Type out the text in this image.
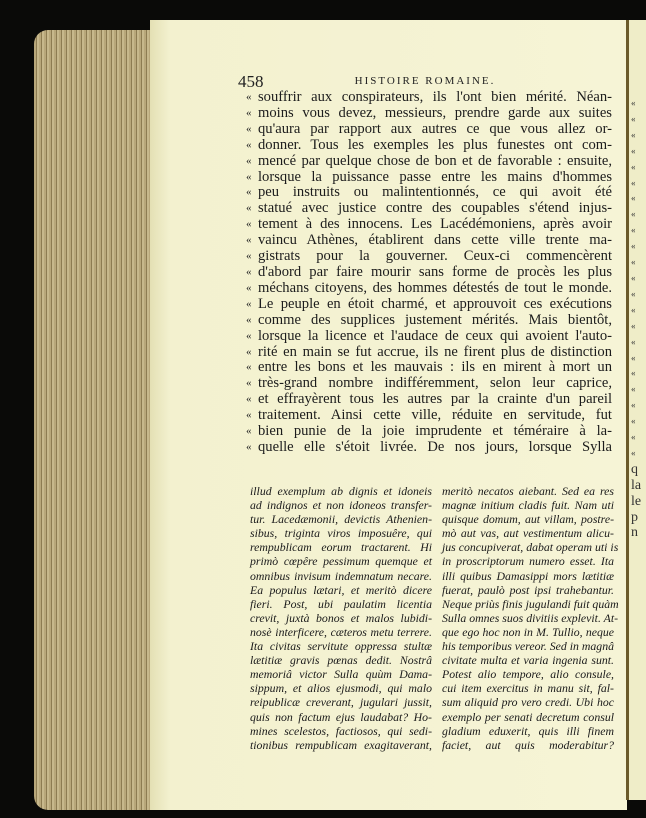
458	HISTOIRE ROMAINE.
« souffrir aux conspirateurs, ils l'ont bien mérité. Néan-
« moins vous devez, messieurs, prendre garde aux suites
« qu'aura par rapport aux autres ce que vous allez or-
« donner. Tous les exemples les plus funestes ont com-
« mencé par quelque chose de bon et de favorable : ensuite,
« lorsque la puissance passe entre les mains d'hommes
« peu instruits ou malintentionnés, ce qui avoit été
« statué avec justice contre des coupables s'étend injus-
« tement à des innocens. Les Lacédémoniens, après avoir
« vaincu Athènes, établirent dans cette ville trente ma-
« gistrats pour la gouverner. Ceux-ci commencèrent
« d'abord par faire mourir sans forme de procès les plus
« méchans citoyens, des hommes détestés de tout le monde.
« Le peuple en étoit charmé, et approuvoit ces exécutions
« comme des supplices justement mérités. Mais bientôt,
« lorsque la licence et l'audace de ceux qui avoient l'auto-
« rité en main se fut accrue, ils ne firent plus de distinction
« entre les bons et les mauvais : ils en mirent à mort un
« très-grand nombre indifféremment, selon leur caprice,
« et effrayèrent tous les autres par la crainte d'un pareil
« traitement. Ainsi cette ville, réduite en servitude, fut
« bien punie de la joie imprudente et téméraire à la-
« quelle elle s'étoit livrée. De nos jours, lorsque Sylla
illud exemplum ab dignis et idoneis
ad indignos et non idoneos transfer-
tur. Lacedæmonii, devictis Athenien-
sibus, triginta viros imposuêre, qui
rempublicam eorum tractarent. Hi
primò cœpêre pessimum quemque et
omnibus invisum indemnatum necare.
Ea populus lætari, et meritò dicere
fieri. Post, ubi paulatim licentia
crevit, juxtà bonos et malos lubidi-
nosè interficere, cæteros metu terrere.
Ita civitas servitute oppressa stultæ
lætitiæ gravis pœnas dedit. Nostrâ
memoriâ victor Sulla quùm Dama-
sippum, et alios ejusmodi, qui malo
reipublicæ creverant, jugulari jussit,
quis non factum ejus laudabat? Ho-
mines scelestos, factiosos, qui sedi-
tionibus rempublicam exagitaverant,
meritò necatos aiebant. Sed ea res
magnæ initium cladis fuit. Nam uti
quisque domum, aut villam, postre-
mò aut vas, aut vestimentum alicu-
jus concupiverat, dabat operam uti is
in proscriptorum numero esset. Ita
illi quibus Damasippi mors lætitiæ
fuerat, paulò post ipsi trahebantur.
Neque priùs finis jugulandi fuit quàm
Sulla omnes suos divitiis explevit. At-
que ego hoc non in M. Tullio, neque
his temporibus vereor. Sed in magnâ
civitate multa et varia ingenia sunt.
Potest alio tempore, alio consule,
cui item exercitus in manu sit, fal-
sum aliquid pro vero credi. Ubi hoc
exemplo per senati decretum consul
gladium eduxerit, quis illi finem
faciet, aut quis moderabitur?
«
«
«
«
«
«
«
«
«
«
«
«
«
«
«
«
«
«
«
«
«
«
«
q
la
le
p
n
